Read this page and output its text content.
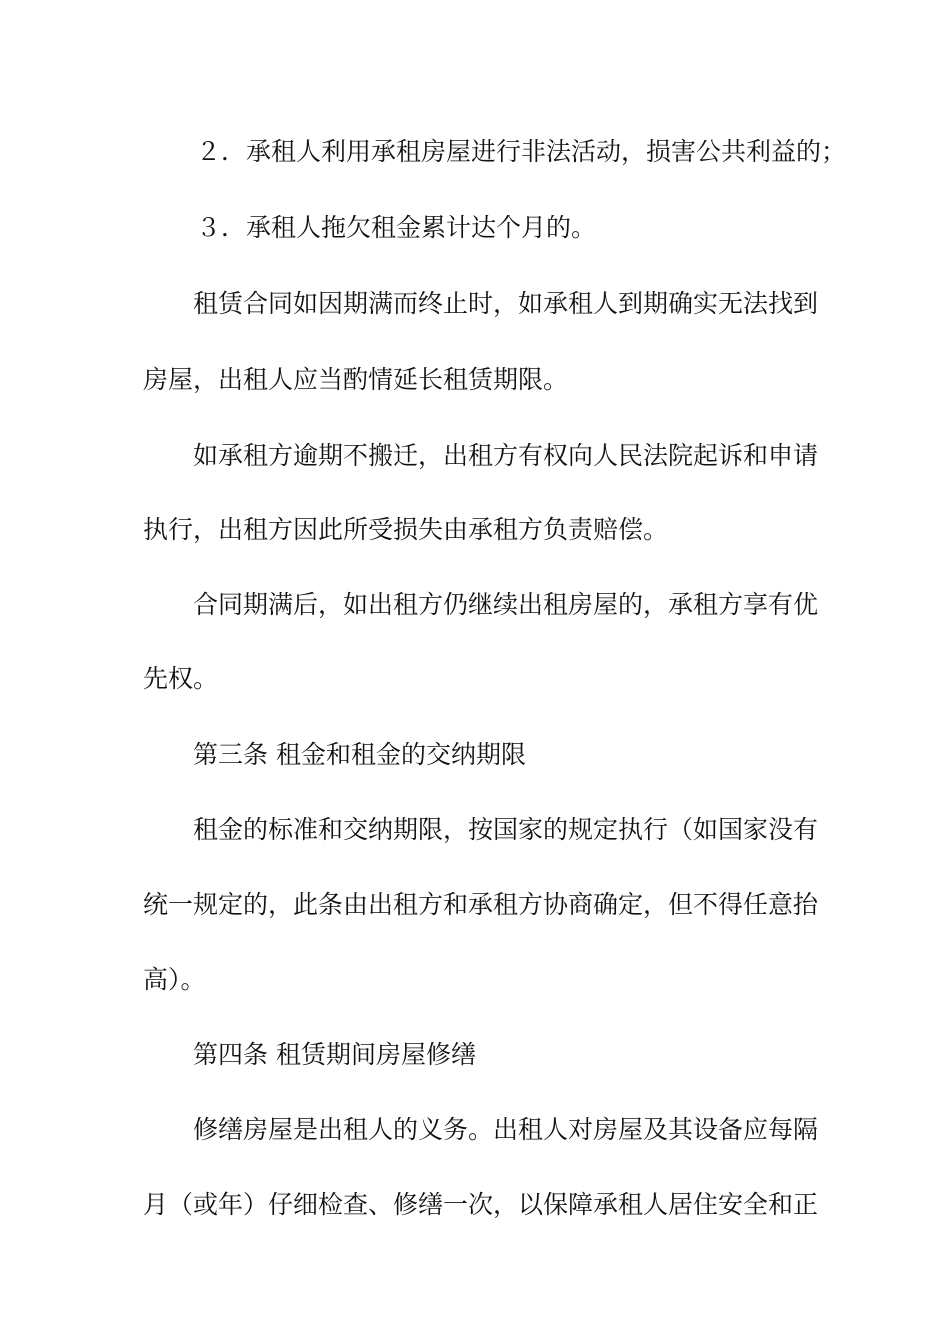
２．承租人利用承租房屋进行非法活动，损害公共利益的；

３．承租人拖欠租金累计达个月的。

租赁合同如因期满而终止时，如承租人到期确实无法找到

房屋，出租人应当酌情延长租赁期限。

如承租方逾期不搬迁，出租方有权向人民法院起诉和申请

执行，出租方因此所受损失由承租方负责赔偿。

合同期满后，如出租方仍继续出租房屋的，承租方享有优

先权。

第三条 租金和租金的交纳期限

租金的标准和交纳期限，按国家的规定执行（如国家没有

统一规定的，此条由出租方和承租方协商确定，但不得任意抬

高）。

第四条 租赁期间房屋修缮

修缮房屋是出租人的义务。出租人对房屋及其设备应每隔

月（或年）仔细检查、修缮一次，以保障承租人居住安全和正
